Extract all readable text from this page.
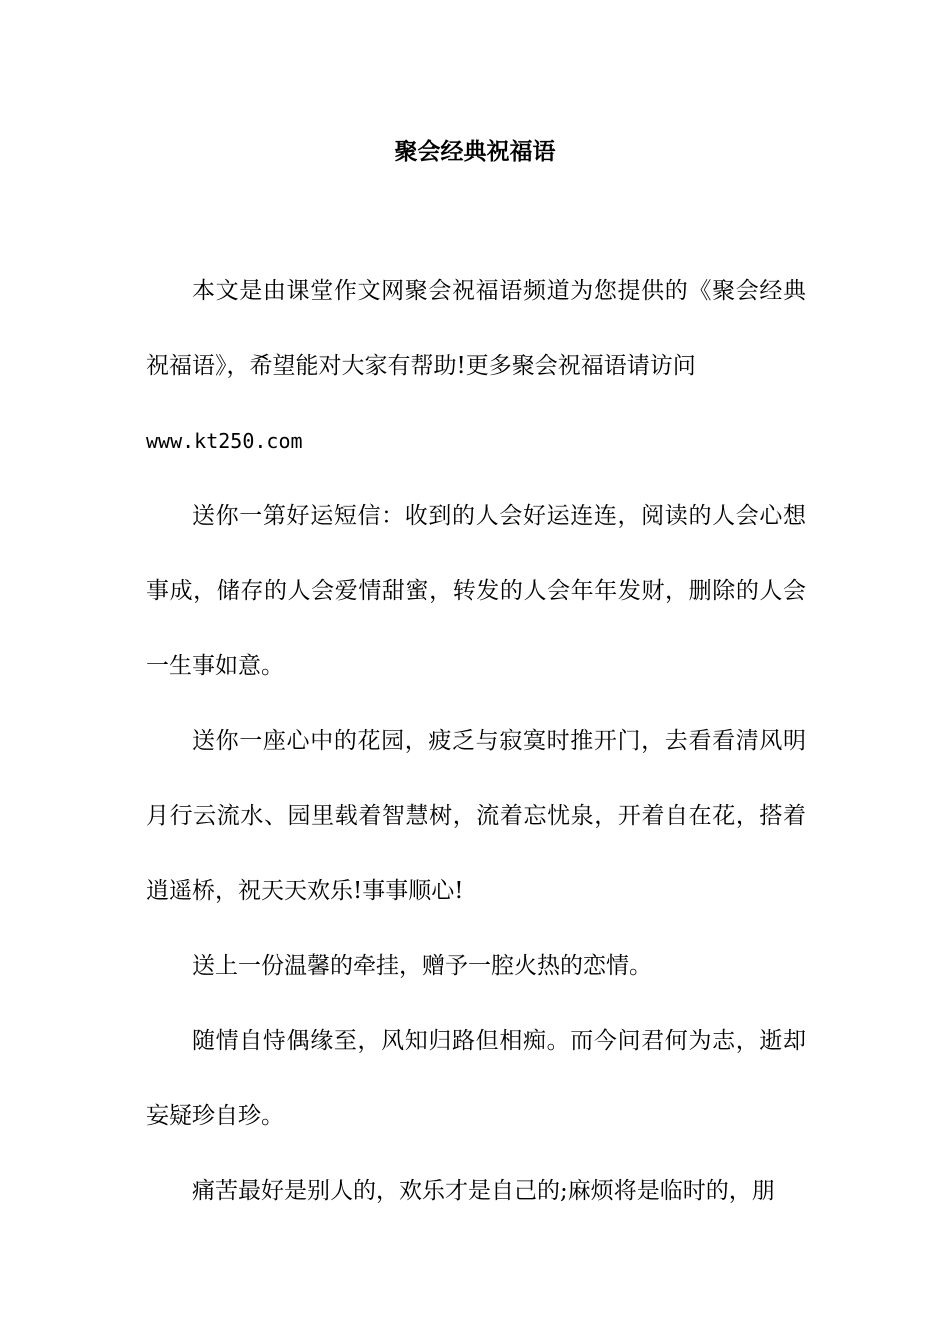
聚会经典祝福语

本文是由课堂作文网聚会祝福语频道为您提供的《聚会经典祝福语》，希望能对大家有帮助!更多聚会祝福语请访问
www.kt250.com

送你一第好运短信：收到的人会好运连连，阅读的人会心想事成，储存的人会爱情甜蜜，转发的人会年年发财，删除的人会一生事如意。

送你一座心中的花园，疲乏与寂寞时推开门，去看看清风明月行云流水、园里载着智慧树，流着忘忧泉，开着自在花，搭着逍遥桥，祝天天欢乐!事事顺心!

送上一份温馨的牵挂，赠予一腔火热的恋情。

随情自恃偶缘至，风知归路但相痴。而今问君何为志，逝却妄疑珍自珍。

痛苦最好是别人的，欢乐才是自己的;麻烦将是临时的，朋
